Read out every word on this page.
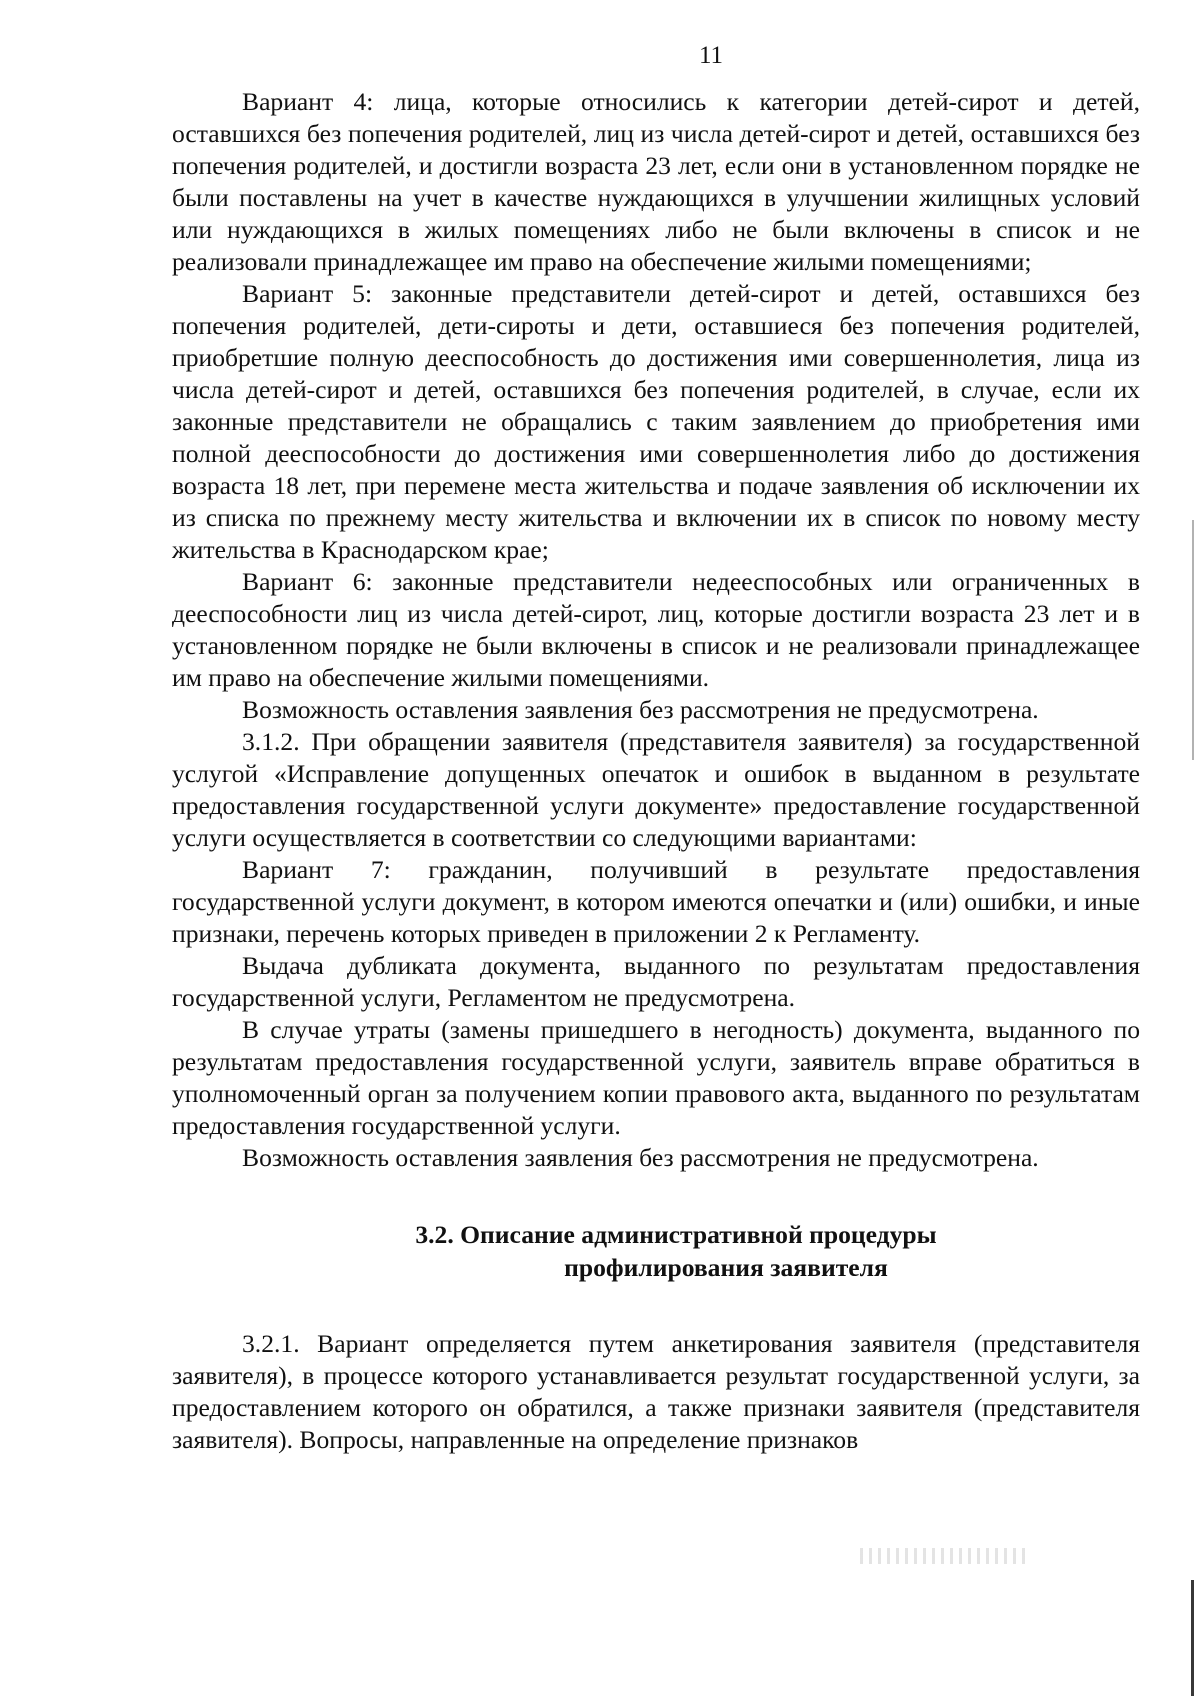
11

Вариант 4: лица, которые относились к категории детей-сирот и детей, оставшихся без попечения родителей, лиц из числа детей-сирот и детей, оставшихся без попечения родителей, и достигли возраста 23 лет, если они в установленном порядке не были поставлены на учет в качестве нуждающихся в улучшении жилищных условий или нуждающихся в жилых помещениях либо не были включены в список и не реализовали принадлежащее им право на обеспечение жилыми помещениями;

Вариант 5: законные представители детей-сирот и детей, оставшихся без попечения родителей, дети-сироты и дети, оставшиеся без попечения родителей, приобретшие полную дееспособность до достижения ими совершеннолетия, лица из числа детей-сирот и детей, оставшихся без попечения родителей, в случае, если их законные представители не обращались с таким заявлением до приобретения ими полной дееспособности до достижения ими совершеннолетия либо до достижения возраста 18 лет, при перемене места жительства и подаче заявления об исключении их из списка по прежнему месту жительства и включении их в список по новому месту жительства в Краснодарском крае;

Вариант 6: законные представители недееспособных или ограниченных в дееспособности лиц из числа детей-сирот, лиц, которые достигли возраста 23 лет и в установленном порядке не были включены в список и не реализовали принадлежащее им право на обеспечение жилыми помещениями.

Возможность оставления заявления без рассмотрения не предусмотрена.

3.1.2. При обращении заявителя (представителя заявителя) за государственной услугой «Исправление допущенных опечаток и ошибок в выданном в результате предоставления государственной услуги документе» предоставление государственной услуги осуществляется в соответствии со следующими вариантами:

Вариант 7: гражданин, получивший в результате предоставления государственной услуги документ, в котором имеются опечатки и (или) ошибки, и иные признаки, перечень которых приведен в приложении 2 к Регламенту.

Выдача дубликата документа, выданного по результатам предоставления государственной услуги, Регламентом не предусмотрена.

В случае утраты (замены пришедшего в негодность) документа, выданного по результатам предоставления государственной услуги, заявитель вправе обратиться в уполномоченный орган за получением копии правового акта, выданного по результатам предоставления государственной услуги.

Возможность оставления заявления без рассмотрения не предусмотрена.

3.2. Описание административной процедуры
профилирования заявителя

3.2.1. Вариант определяется путем анкетирования заявителя (представителя заявителя), в процессе которого устанавливается результат государственной услуги, за предоставлением которого он обратился, а также признаки заявителя (представителя заявителя). Вопросы, направленные на определение признаков
